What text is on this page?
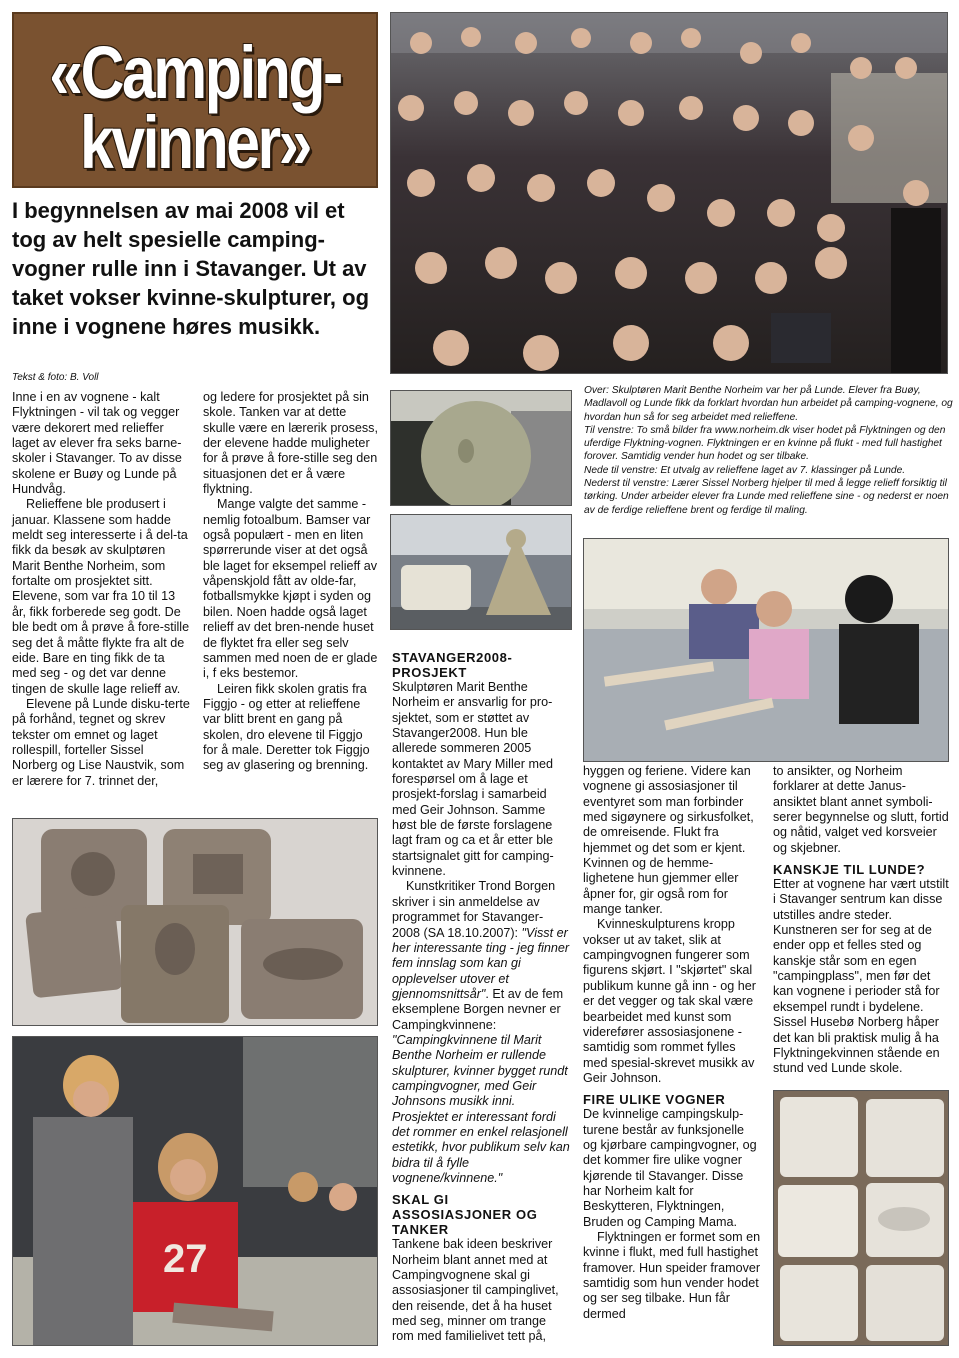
«Camping-
kvinner»
I begynnelsen av mai 2008 vil et tog av helt spesielle camping-vogner rulle inn i Stavanger. Ut av taket vokser kvinne-skulpturer, og inne i vognene høres musikk.
Tekst & foto: B. Voll
Over: Skulptøren Marit Benthe Norheim var her på Lunde. Elever fra Buøy, Madlavoll og Lunde fikk da forklart hvordan hun arbeidet på camping-vognene, og hvordan hun så for seg arbeidet med relieffene.
Til venstre: To små bilder fra www.norheim.dk viser hodet på Flyktningen og den uferdige Flyktning-vognen. Flyktningen er en kvinne på flukt - med full hastighet forover. Samtidig vender hun hodet og ser tilbake.
Nede til venstre: Et utvalg av relieffene laget av 7. klassinger på Lunde.
Nederst til venstre: Lærer Sissel Norberg hjelper til med å legge relieff forsiktig til tørking. Under arbeider elever fra Lunde med relieffene sine - og nederst er noen av de ferdige relieffene brent og ferdige til maling.
27

Inne i en av vognene - kalt Flyktningen - vil tak og vegger være dekorert med relieffer laget av elever fra seks barne-skoler i Stavanger. To av disse skolene er Buøy og Lunde på Hundvåg.

Relieffene ble produsert i januar. Klassene som hadde meldt seg interesserte i å del-ta fikk da besøk av skulptøren Marit Benthe Norheim, som fortalte om prosjektet sitt. Elevene, som var fra 10 til 13 år, fikk forberede seg godt. De ble bedt om å prøve å fore-stille seg det å måtte flykte fra alt de eide. Bare en ting fikk de ta med seg - og det var denne tingen de skulle lage relieff av.

Elevene på Lunde disku-terte på forhånd, tegnet og skrev tekster om emnet og laget rollespill, forteller Sissel Norberg og Lise Naustvik, som er lærere for 7. trinnet der,

og ledere for prosjektet på sin skole. Tanken var at dette skulle være en lærerik prosess, der elevene hadde muligheter for å prøve å fore-stille seg den situasjonen det er å være flyktning.

Mange valgte det samme - nemlig fotoalbum. Bamser var også populært - men en liten spørrerunde viser at det også ble laget for eksempel relieff av våpenskjold fått av olde-far, fotballsmykke kjøpt i syden og bilen. Noen hadde også laget relieff av det bren-nende huset de flyktet fra eller seg selv sammen med noen de er glade i, f eks bestemor.

Leiren fikk skolen gratis fra Figgjo - og etter at relieffene var blitt brent en gang på skolen, dro elevene til Figgjo for å male. Deretter tok Figgjo seg av glasering og brenning.

STAVANGER2008-PROSJEKT

Skulptøren Marit Benthe Norheim er ansvarlig for pro-sjektet, som er støttet av Stavanger2008. Hun ble allerede sommeren 2005 kontaktet av Mary Miller med forespørsel om å lage et prosjekt-forslag i samarbeid med Geir Johnson. Samme høst ble de første forslagene lagt fram og ca et år etter ble startsignalet gitt for camping-kvinnene.

Kunstkritiker Trond Borgen skriver i sin anmeldelse av programmet for Stavanger-2008 (SA 18.10.2007): "Visst er her interessante ting - jeg finner fem innslag som kan gi opplevelser utover et gjennomsnittsår". Et av de fem eksemplene Borgen nevner er Campingkvinnene: "Campingkvinnene til Marit Benthe Norheim er rullende skulpturer, kvinner bygget rundt campingvogner, med Geir Johnsons musikk inni. Prosjektet er interessant fordi det rommer en enkel relasjonell estetikk, hvor publikum selv kan bidra til å fylle vognene/kvinnene."

SKAL GI ASSOSIASJONER OG TANKER

Tankene bak ideen beskriver Norheim blant annet med at Campingvognene skal gi assosiasjoner til campinglivet, den reisende, det å ha huset med seg, minner om trange rom med familielivet tett på,

hyggen og feriene. Videre kan vognene gi assosiasjoner til eventyret som man forbinder med sigøynere og sirkusfolket, de omreisende. Flukt fra hjemmet og det som er kjent. Kvinnen og de hemme-lighetene hun gjemmer eller åpner for, gir også rom for mange tanker.

Kvinneskulpturens kropp vokser ut av taket, slik at campingvognen fungerer som figurens skjørt. I "skjørtet" skal publikum kunne gå inn - og her er det vegger og tak skal være bearbeidet med kunst som viderefører assosiasjonene - samtidig som rommet fylles med spesial-skrevet musikk av Geir Johnson.

FIRE ULIKE VOGNER

De kvinnelige campingskulp-turene består av funksjonelle og kjørbare campingvogner, og det kommer fire ulike vogner kjørende til Stavanger. Disse har Norheim kalt for Beskytteren, Flyktningen, Bruden og Camping Mama.

Flyktningen er formet som en kvinne i flukt, med full hastighet framover. Hun speider framover samtidig som hun vender hodet og ser seg tilbake. Hun får dermed

to ansikter, og Norheim forklarer at dette Janus-ansiktet blant annet symboli-serer begynnelse og slutt, fortid og nåtid, valget ved korsveier og skjebner.

KANSKJE TIL LUNDE?

Etter at vognene har vært utstilt i Stavanger sentrum kan disse utstilles andre steder. Kunstneren ser for seg at de ender opp et felles sted og kanskje står som en egen "campingplass", men før det kan vognene i perioder stå for eksempel rundt i bydelene. Sissel Husebø Norberg håper det kan bli praktisk mulig å ha Flyktningekvinnen stående en stund ved Lunde skole.
